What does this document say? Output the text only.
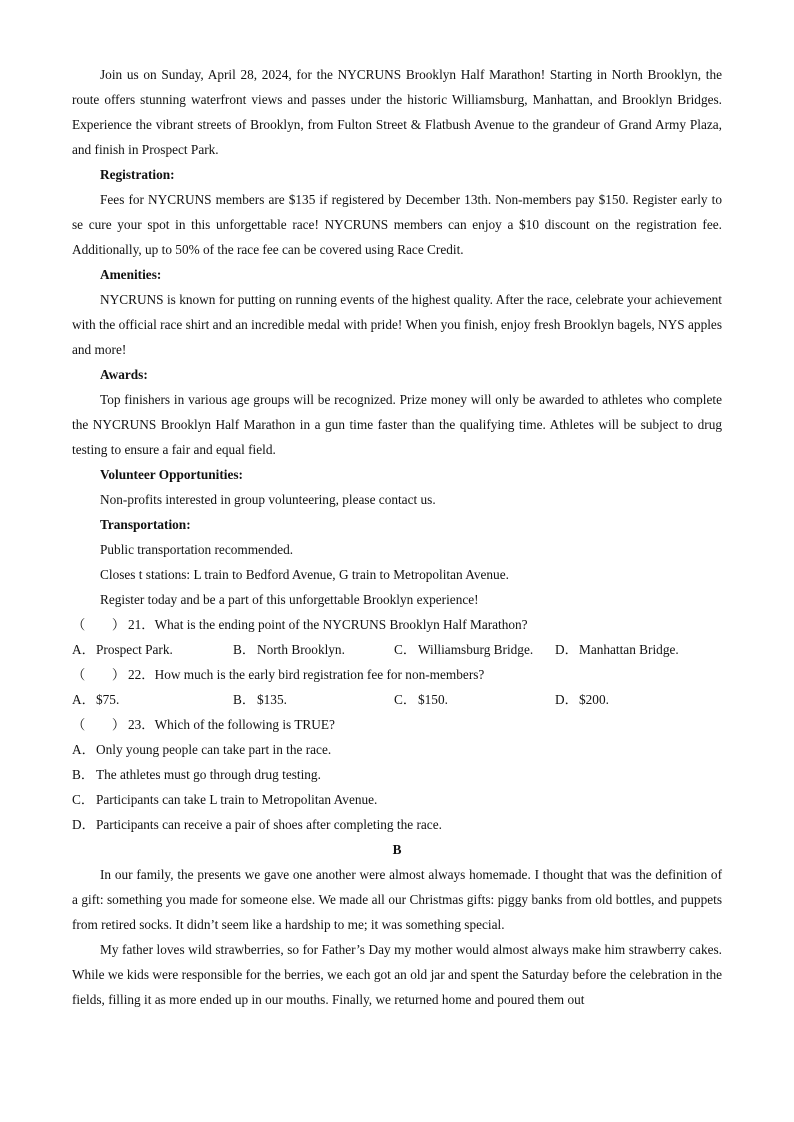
Join us on Sunday, April 28, 2024, for the NYCRUNS Brooklyn Half Marathon! Starting in North Brooklyn, the route offers stunning waterfront views and passes under the historic Williamsburg, Manhattan, and Brooklyn Bridges. Experience the vibrant streets of Brooklyn, from Fulton Street & Flatbush Avenue to the grandeur of Grand Army Plaza, and finish in Prospect Park.

Registration:

Fees for NYCRUNS members are $135 if registered by December 13th. Non-members pay $150. Register early to se cure your spot in this unforgettable race! NYCRUNS members can enjoy a $10 discount on the registration fee. Additionally, up to 50% of the race fee can be covered using Race Credit.

Amenities:

NYCRUNS is known for putting on running events of the highest quality. After the race, celebrate your achievement with the official race shirt and an incredible medal with pride! When you finish, enjoy fresh Brooklyn bagels, NYS apples and more!

Awards:

Top finishers in various age groups will be recognized. Prize money will only be awarded to athletes who complete the NYCRUNS Brooklyn Half Marathon in a gun time faster than the qualifying time. Athletes will be subject to drug testing to ensure a fair and equal field.

Volunteer Opportunities:

Non-profits interested in group volunteering, please contact us.

Transportation:

Public transportation recommended.

Closes t stations: L train to Bedford Avenue, G train to Metropolitan Avenue.

Register today and be a part of this unforgettable Brooklyn experience!

（　　） 21．What is the ending point of the NYCRUNS Brooklyn Half Marathon?

A．Prospect Park.	B． North Brooklyn.	C． Williamsburg Bridge.	D．Manhattan Bridge.

（　　） 22．How much is the early bird registration fee for non-members?

A．$75.	B． $135.	C． $150.	D．$200.

（　　） 23．Which of the following is TRUE?

A．Only young people can take part in the race.

B． The athletes must go through drug testing.

C． Participants can take L train to Metropolitan Avenue.

D．Participants can receive a pair of shoes after completing the race.

B

In our family, the presents we gave one another were almost always homemade. I thought that was the definition of a gift: something you made for someone else. We made all our Christmas gifts: piggy banks from old bottles, and puppets from retired socks. It didn’t seem like a hardship to me; it was something special.

My father loves wild strawberries, so for Father’s Day my mother would almost always make him strawberry cakes. While we kids were responsible for the berries, we each got an old jar and spent the Saturday before the celebration in the fields, filling it as more ended up in our mouths. Finally, we returned home and poured them out
